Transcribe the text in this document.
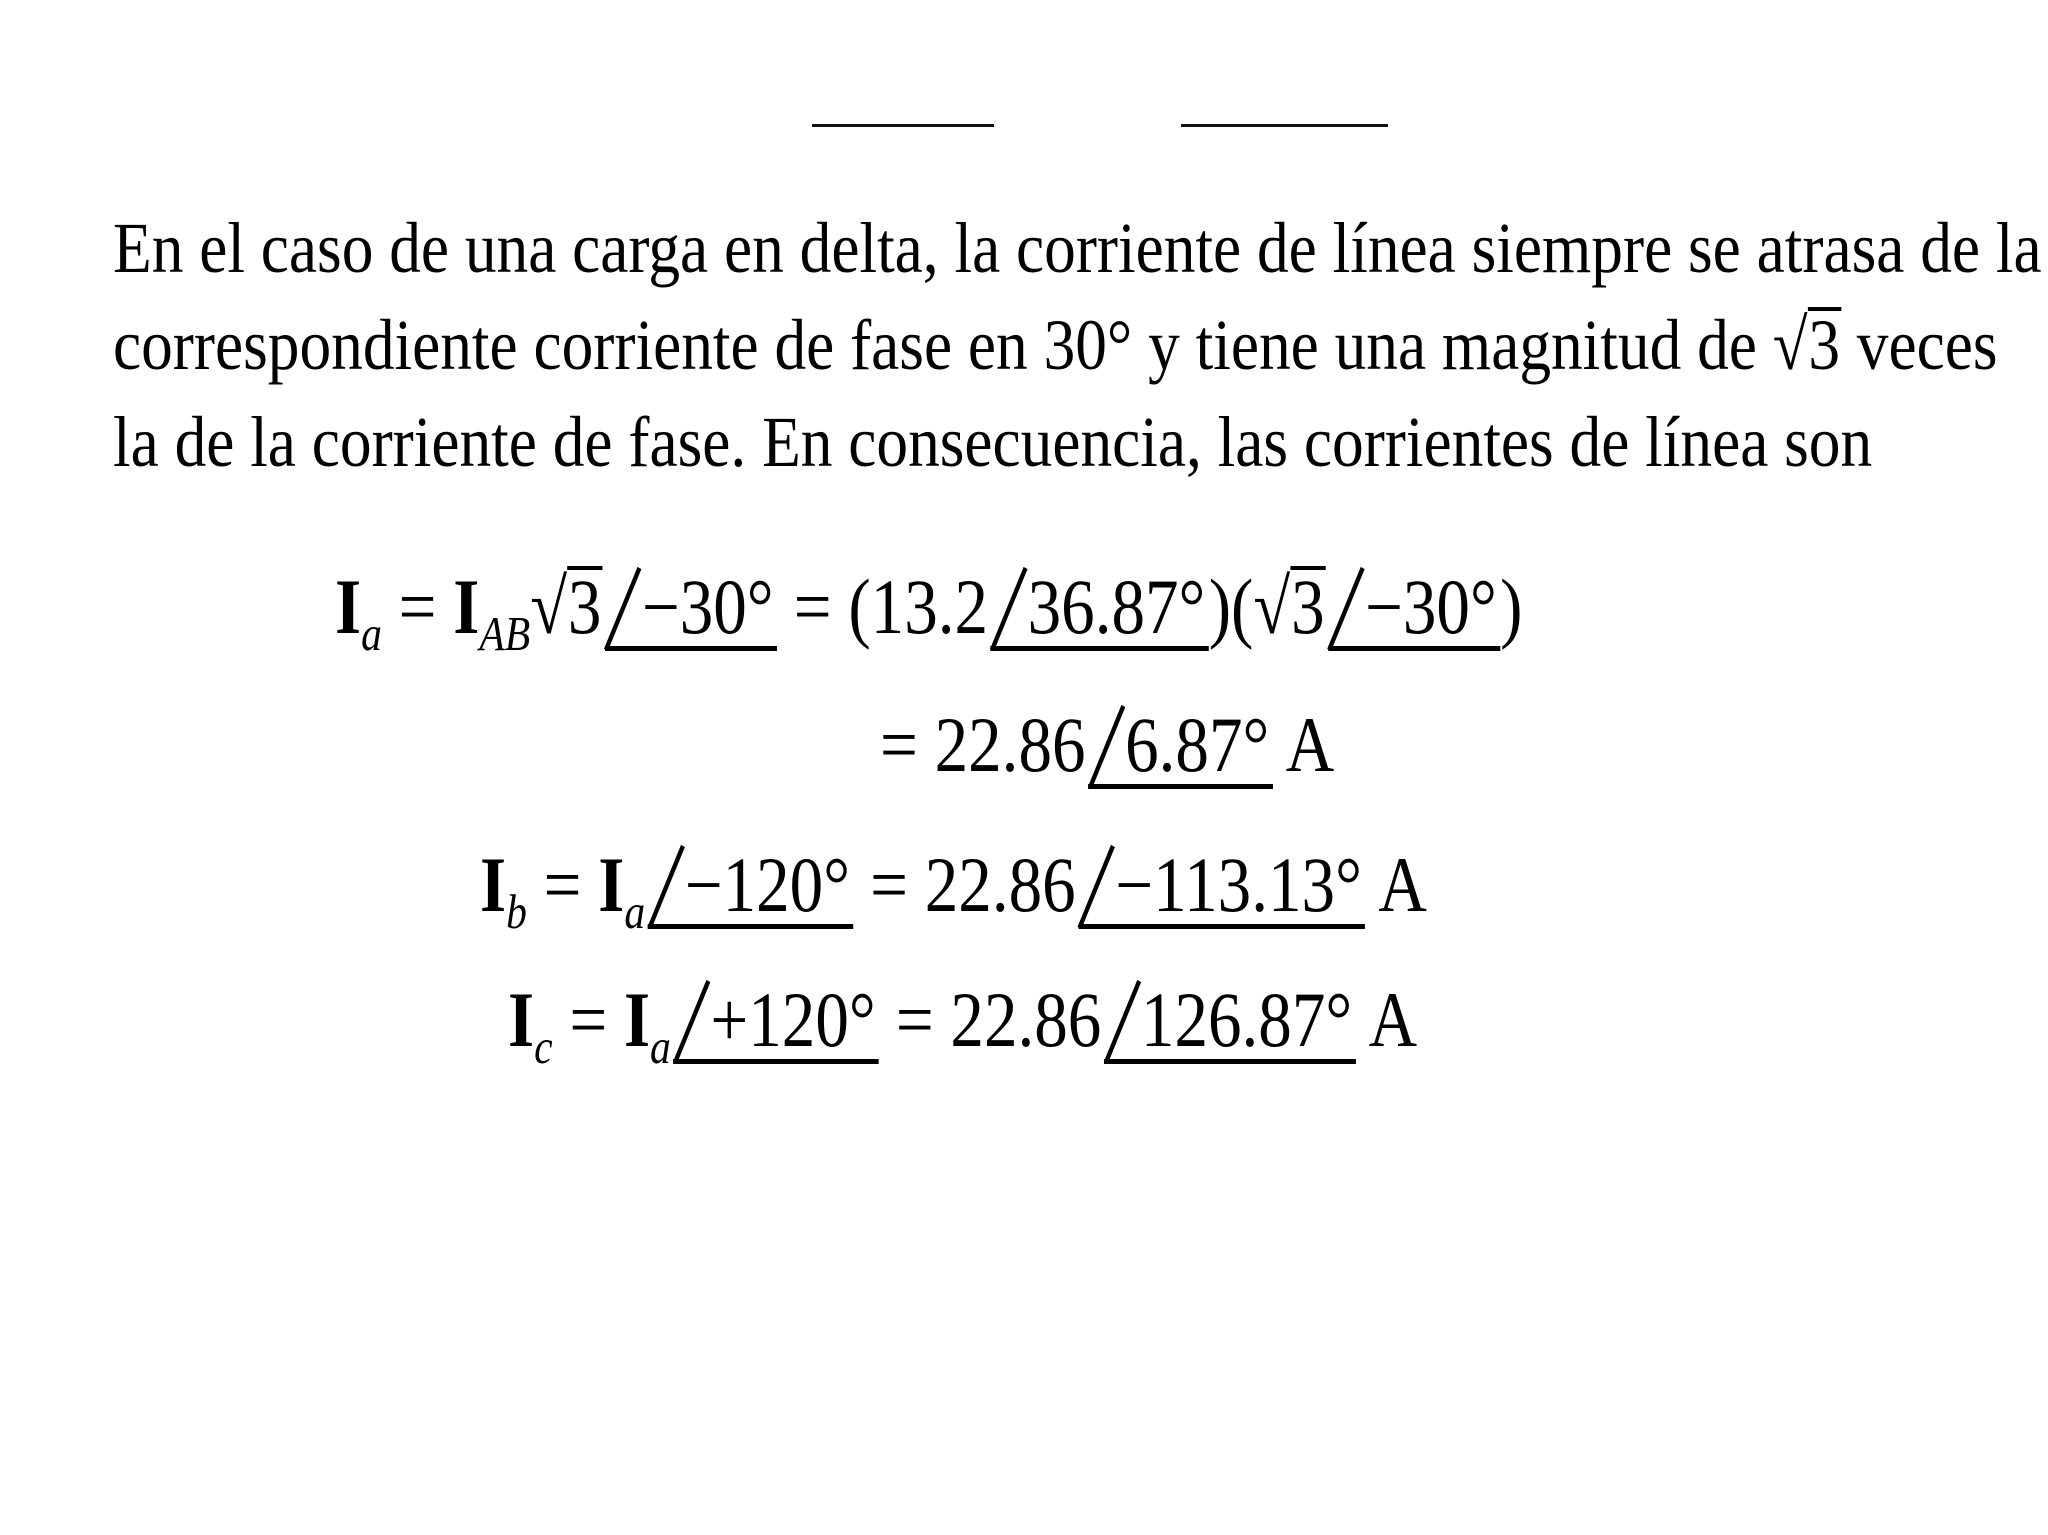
En el caso de una carga en delta, la corriente de línea siempre se atrasa de la
correspondiente corriente de fase en 30° y tiene una magnitud de √3 veces
la de la corriente de fase. En consecuencia, las corrientes de línea son
$I_a = I_{AB}√3 -30^\circ = (13.2$ 36.87°)(√3 −30°)
= 22.86 6.87° A
$I_b = I_a -120^\circ = 22.86 -113.13^\circ$ A
$I_c = I_a +120^\circ = 22.86$ 126.87° A
